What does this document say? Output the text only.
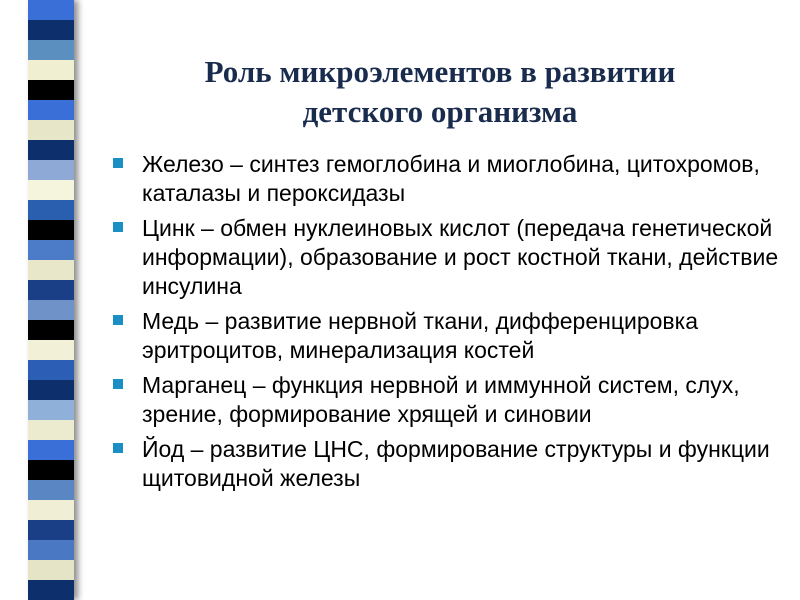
Роль микроэлементов в развитии
детского организма
Железо – синтез гемоглобина и миоглобина, цитохромов, каталазы и пероксидазы
Цинк – обмен нуклеиновых кислот (передача генетической информации), образование и рост костной ткани, действие инсулина
Медь – развитие нервной ткани, дифференцировка эритроцитов, минерализация костей
Марганец – функция нервной и иммунной систем, слух, зрение, формирование хрящей и синовии
Йод – развитие ЦНС, формирование структуры и функции щитовидной железы
